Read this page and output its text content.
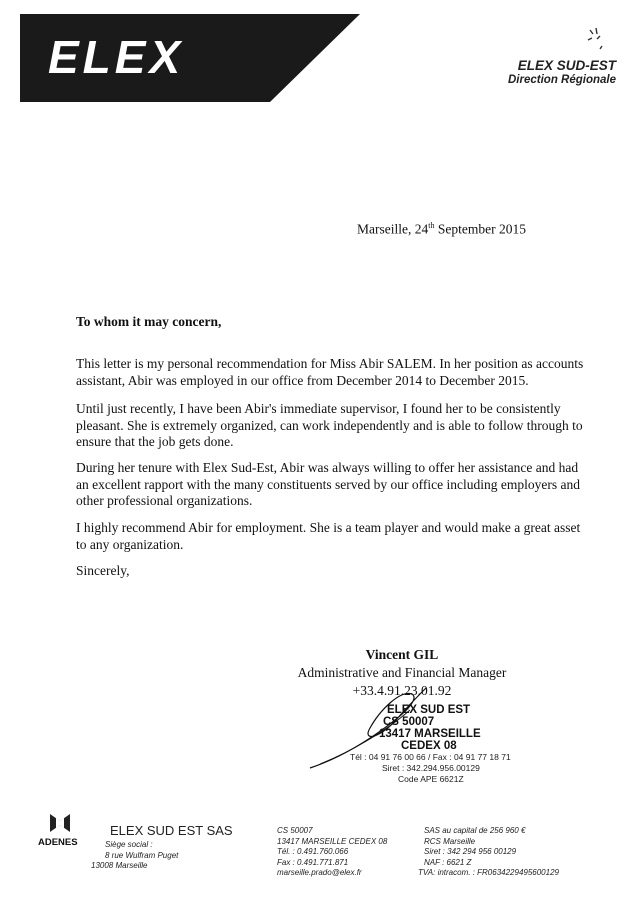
ELEX	ELEX SUD-EST
Direction Régionale
Marseille, 24th September 2015
To whom it may concern,
This letter is my personal recommendation for Miss Abir SALEM. In her position as accounts assistant, Abir was employed in our office from December 2014 to December 2015.
Until just recently, I have been Abir's immediate supervisor, I found her to be consistently pleasant. She is extremely organized, can work independently and is able to follow through to ensure that the job gets done.
During her tenure with Elex Sud-Est, Abir was always willing to offer her assistance and had an excellent rapport with the many constituents served by our office including employers and other professional organizations.
I highly recommend Abir for employment. She is a team player and would make a great asset to any organization.
Sincerely,
Vincent GIL
Administrative and Financial Manager
+33.4.91.23.01.92
ELEX SUD EST
CS 50007
13417 MARSEILLE
CEDEX 08
Tél : 04 91 76 00 66 / Fax : 04 91 77 18 71
Siret : 342.294.956.00129
Code APE 6621Z
ADENES
ELEX SUD EST SAS
Siège social :
8 rue Wulfram Puget
13008 Marseille
CS 50007
13417 MARSEILLE CEDEX 08
Tél. : 0.491.760.066
Fax : 0.491.771.871
marseille.prado@elex.fr
SAS au capital de 256 960 €
RCS Marseille
Siret : 342 294 956 00129
NAF : 6621 Z
TVA: intracom. : FR0634229495600129
